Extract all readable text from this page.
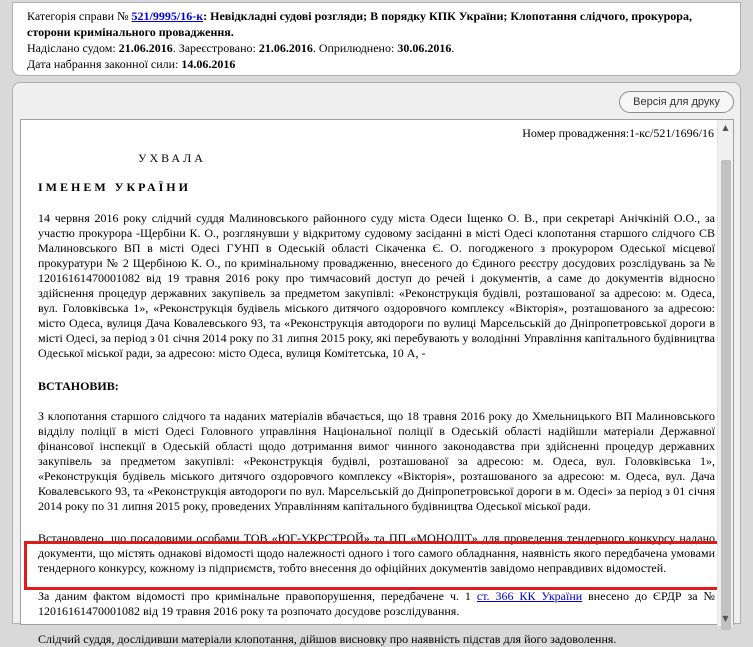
Категорія справи № 521/9995/16-к: Невідкладні судові розгляди; В порядку КПК України; Клопотання слідчого, прокурора, сторони кримінального провадження.
Надіслано судом: 21.06.2016. Зареєстровано: 21.06.2016. Оприлюднено: 30.06.2016.
Дата набрання законної сили: 14.06.2016
Версія для друку
Номер провадження:1-кс/521/1696/16
УХВАЛА
ІМЕНЕМ УКРАЇНИ

14 червня 2016 року слідчий суддя Малиновського районного суду міста Одеси Іщенко О. В., при секретарі Анічкіній О.О., за участю прокурора -Щербіни К. О., розглянувши у відкритому судовому засіданні в місті Одесі клопотання старшого слідчого СВ Малиновського ВП в місті Одесі ГУНП в Одеській області Сікаченка Є. О. погодженого з прокурором Одеської місцевої прокуратури № 2 Щербіною К. О., по кримінальному провадженню, внесеного до Єдиного реєстру досудових розслідувань за № 12016161470001082 від 19 травня 2016 року про тимчасовий доступ до речей і документів, а саме до документів відносно здійснення процедур державних закупівель за предметом закупівлі: «Реконструкція будівлі, розташованої за адресою: м. Одеса, вул. Головківська 1», «Реконструкція будівель міського дитячого оздоровчого комплексу «Вікторія», розташованого за адресою: місто Одеса, вулиця Дача Ковалевського 93, та «Реконструкція автодороги по вулиці Марсельській до Дніпропетровської дороги в місті Одесі, за період з 01 січня 2014 року по 31 липня 2015 року, які перебувають у володінні Управління капітального будівництва Одеської міської ради, за адресою: місто Одеса, вулиця Комітетська, 10 А, -

ВСТАНОВИВ:

З клопотання старшого слідчого та наданих матеріалів вбачається, що 18 травня 2016 року до Хмельницького ВП Малиновського відділу поліції в місті Одесі Головного управління Національної поліції в Одеській області надійшли матеріали Державної фінансової інспекції в Одеській області щодо дотримання вимог чинного законодавства при здійсненні процедур державних закупівель за предметом закупівлі: «Реконструкція будівлі, розташованої за адресою: м. Одеса, вул. Головківська 1», «Реконструкція будівель міського дитячого оздоровчого комплексу «Вікторія», розташованого за адресою: м. Одеса, вул. Дача Ковалевського 93, та «Реконструкція автодороги по вул. Марсельській до Дніпропетровської дороги в м. Одесі» за період з 01 січня 2014 року по 31 липня 2015 року, проведених Управлінням капітального будівництва Одеської міської ради.

Встановлено, що посадовими особами ТОВ «ЮГ-УКРСТРОЙ» та ПП «МОНОЛІТ» для проведення тендерного конкурсу надано документи, що містять однакові відомості щодо належності одного і того самого обладнання, наявність якого передбачена умовами тендерного конкурсу, кожному із підприємств, тобто внесення до офіційних документів завідомо неправдивих відомостей.

За даним фактом відомості про кримінальне правопорушення, передбачене ч. 1 ст. 366 КК України внесено до ЄРДР за № 12016161470001082 від 19 травня 2016 року та розпочато досудове розслідування.

Слідчий суддя, дослідивши матеріали клопотання, дійшов висновку про наявність підстав для його задоволення.

▲
▼
